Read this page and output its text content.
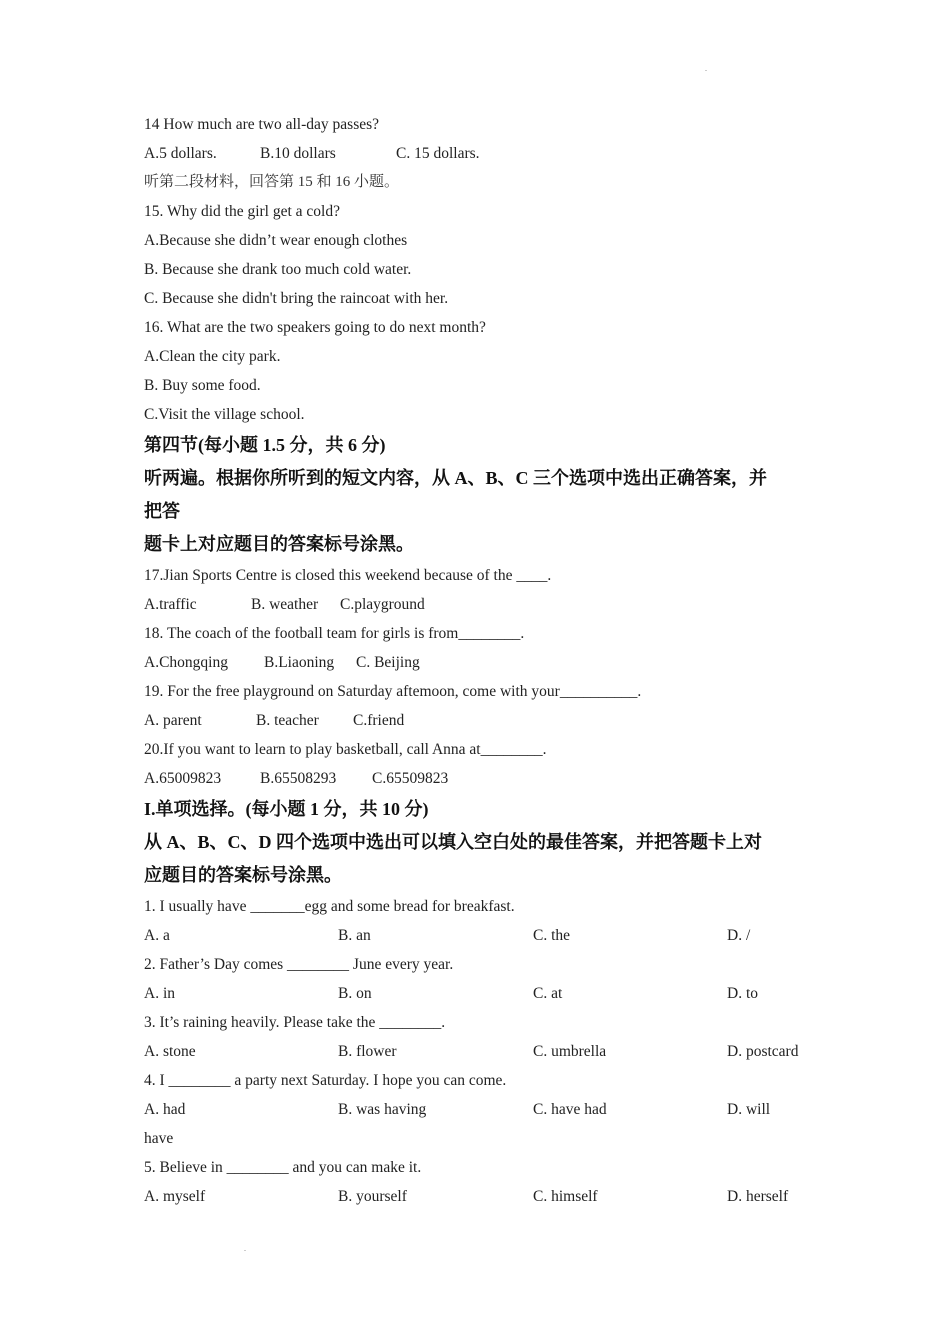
14 How much are two all-day passes?
A.5 dollars.	B.10 dollars	C. 15 dollars.
听第二段材料，回答第 15 和 16 小题。
15. Why did the girl get a cold?
A.Because she didn’t wear enough clothes
B. Because she drank too much cold water.
C. Because she didn't bring the raincoat with her.
16. What are the two speakers going to do next month?
A.Clean the city park.
B. Buy some food.
C.Visit the village school.
第四节(每小题 1.5 分，共 6 分)
听两遍。根据你所听到的短文内容，从 A、B、C 三个选项中选出正确答案，并
把答
题卡上对应题目的答案标号涂黑。
17.Jian Sports Centre is closed this weekend because of the ____.
A.traffic	B. weather C.playground
18. The coach of the football team for girls is from________.
A.Chongqing B.Liaoning C. Beijing
19. For the free playground on Saturday aftemoon, come with your__________.
A. parent	B. teacher C.friend
20.If you want to learn to play basketball, call Anna at________.
A.65009823	B.65508293 C.65509823
I.单项选择。(每小题 1 分，共 10 分)
从 A、B、C、D 四个选项中选出可以填入空白处的最佳答案，并把答题卡上对
应题目的答案标号涂黑。
1. I usually have _______egg and some bread for breakfast.
A. a	B. an	C. the	D. /
2. Father’s Day comes ________ June every year.
A. in	B. on	C. at	D. to
3. It’s raining heavily. Please take the ________.
A. stone	B. flower	C. umbrella	D. postcard
4. I ________ a party next Saturday. I hope you can come.
A. had	B. was having	C. have had	D. will
have
5. Believe in ________ and you can make it.
A. myself	B. yourself	C. himself	D. herself
